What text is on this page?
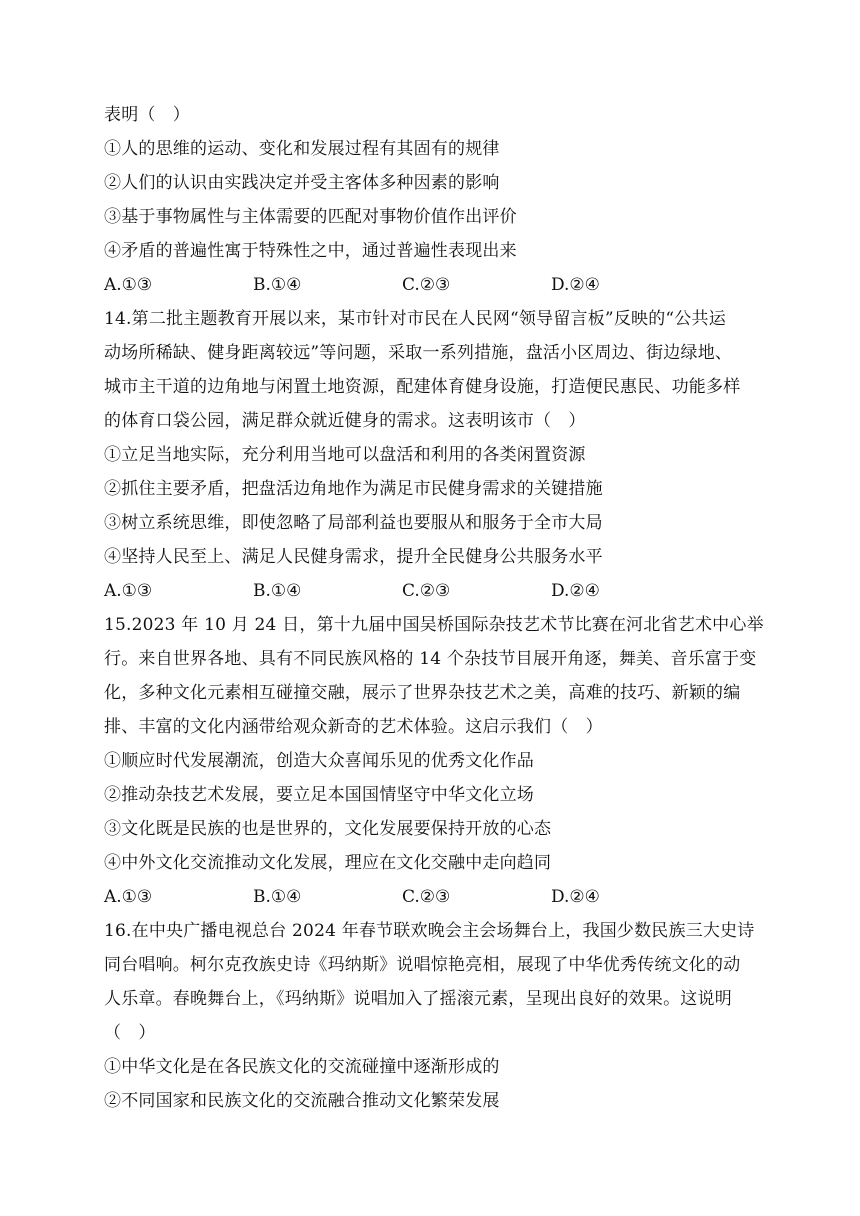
表明（　）
①人的思维的运动、变化和发展过程有其固有的规律
②人们的认识由实践决定并受主客体多种因素的影响
③基于事物属性与主体需要的匹配对事物价值作出评价
④矛盾的普遍性寓于特殊性之中，通过普遍性表现出来
A.①③	B.①④	C.②③	D.②④
14.第二批主题教育开展以来，某市针对市民在人民网“领导留言板”反映的“公共运
动场所稀缺、健身距离较远”等问题，采取一系列措施，盘活小区周边、街边绿地、
城市主干道的边角地与闲置土地资源，配建体育健身设施，打造便民惠民、功能多样
的体育口袋公园，满足群众就近健身的需求。这表明该市（　）
①立足当地实际，充分利用当地可以盘活和利用的各类闲置资源
②抓住主要矛盾，把盘活边角地作为满足市民健身需求的关键措施
③树立系统思维，即使忽略了局部利益也要服从和服务于全市大局
④坚持人民至上、满足人民健身需求，提升全民健身公共服务水平
A.①③	B.①④	C.②③	D.②④
15.2023 年 10 月 24 日，第十九届中国吴桥国际杂技艺术节比赛在河北省艺术中心举
行。来自世界各地、具有不同民族风格的 14 个杂技节目展开角逐，舞美、音乐富于变
化，多种文化元素相互碰撞交融，展示了世界杂技艺术之美，高难的技巧、新颖的编
排、丰富的文化内涵带给观众新奇的艺术体验。这启示我们（　）
①顺应时代发展潮流，创造大众喜闻乐见的优秀文化作品
②推动杂技艺术发展，要立足本国国情坚守中华文化立场
③文化既是民族的也是世界的，文化发展要保持开放的心态
④中外文化交流推动文化发展，理应在文化交融中走向趋同
A.①③	B.①④	C.②③	D.②④
16.在中央广播电视总台 2024 年春节联欢晚会主会场舞台上，我国少数民族三大史诗
同台唱响。柯尔克孜族史诗《玛纳斯》说唱惊艳亮相，展现了中华优秀传统文化的动
人乐章。春晚舞台上，《玛纳斯》说唱加入了摇滚元素，呈现出良好的效果。这说明
（　）
①中华文化是在各民族文化的交流碰撞中逐渐形成的
②不同国家和民族文化的交流融合推动文化繁荣发展
